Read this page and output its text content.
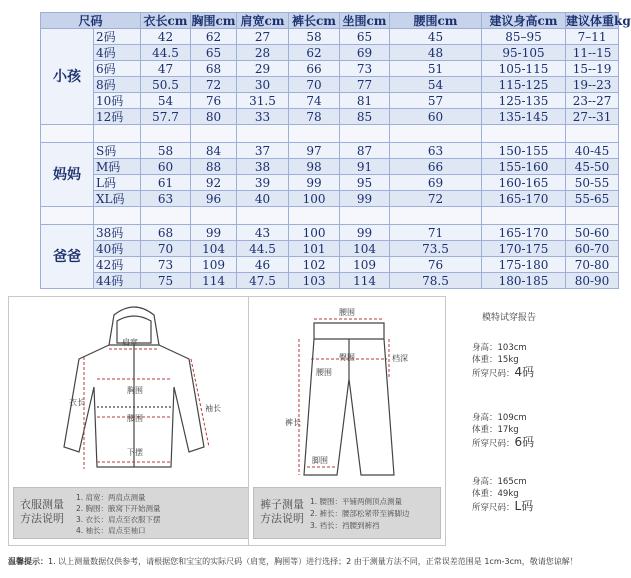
尺码		衣长cm	胸围cm	肩宽cm	裤长cm	坐围cm	腰围cm	建议身高cm	建议体重kg
小孩	2码	42	62	27	58	65	45	85–95	7–11
	4码	44.5	65	28	62	69	48	95-105	11--15
	6码	47	68	29	66	73	51	105-115	15--19
	8码	50.5	72	30	70	77	54	115-125	19--23
	10码	54	76	31.5	74	81	57	125-135	23--27
	12码	57.7	80	33	78	85	60	135-145	27--31

妈妈	S码	58	84	37	97	87	63	150-155	40-45
	M码	60	88	38	98	91	66	155-160	45-50
	L码	61	92	39	99	95	69	160-165	50-55
	XL码	63	96	40	100	99	72	165-170	55-65

爸爸	38码	68	99	43	100	99	71	165-170	50-60
	40码	70	104	44.5	101	104	73.5	170-175	60-70
	42码	73	109	46	102	109	76	175-180	70-80
	44码	75	114	47.5	103	114	78.5	180-185	80-90
肩宽
胸围
腰围
下摆
衣长
袖长
衣服测量方法说明
1. 肩宽：两肩点测量
2. 胸围：腋窝下开始测量
3. 衣长：肩点至衣服下摆
4. 袖长：肩点至袖口
腰围
臀围	档深
腰围
裤长
脚围
裤子测量方法说明
1. 腰围：平铺两侧顶点测量
2. 裤长：腰部松紧带至裤脚边
3. 裆长：裆腰到裤裆
模特试穿报告
身高：103cm
体重：15kg
所穿尺码：4码
身高：109cm
体重：17kg
所穿尺码：6码
身高：165cm
体重：49kg
所穿尺码：L码
温馨提示：1. 以上测量数据仅供参考，请根据您和宝宝的实际尺码（肩宽，胸围等）进行选择；2 由于测量方法不同，正常误差范围是 1cm-3cm，敬请您谅解！
